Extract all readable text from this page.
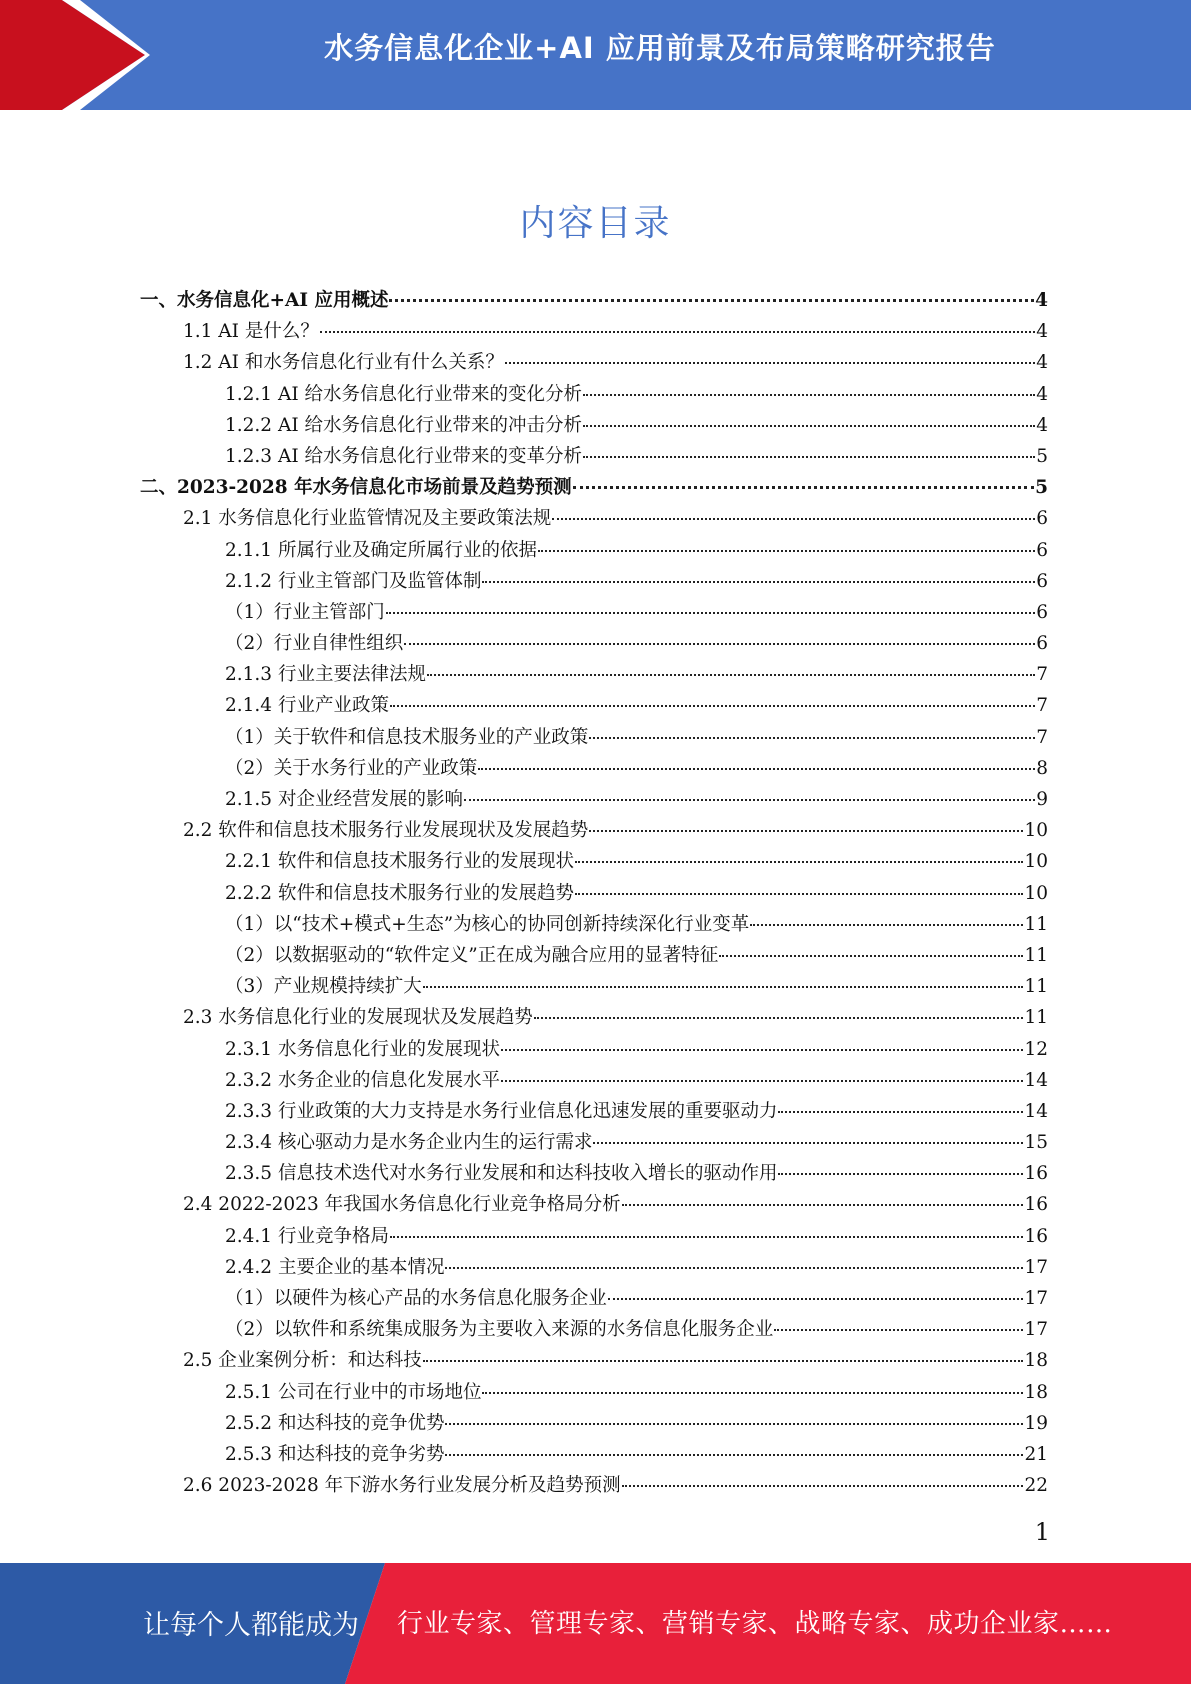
水务信息化企业+AI 应用前景及布局策略研究报告
内容目录
一、水务信息化+AI 应用概述	4
1.1 AI 是什么？	4
1.2 AI 和水务信息化行业有什么关系？	4
1.2.1 AI 给水务信息化行业带来的变化分析	4
1.2.2 AI 给水务信息化行业带来的冲击分析	4
1.2.3 AI 给水务信息化行业带来的变革分析	5
二、2023-2028 年水务信息化市场前景及趋势预测	5
2.1 水务信息化行业监管情况及主要政策法规	6
2.1.1 所属行业及确定所属行业的依据	6
2.1.2 行业主管部门及监管体制	6
（1）行业主管部门	6
（2）行业自律性组织	6
2.1.3 行业主要法律法规	7
2.1.4 行业产业政策	7
（1）关于软件和信息技术服务业的产业政策	7
（2）关于水务行业的产业政策	8
2.1.5 对企业经营发展的影响	9
2.2 软件和信息技术服务行业发展现状及发展趋势	10
2.2.1 软件和信息技术服务行业的发展现状	10
2.2.2 软件和信息技术服务行业的发展趋势	10
（1）以“技术+模式+生态”为核心的协同创新持续深化行业变革	11
（2）以数据驱动的“软件定义”正在成为融合应用的显著特征	11
（3）产业规模持续扩大	11
2.3 水务信息化行业的发展现状及发展趋势	11
2.3.1 水务信息化行业的发展现状	12
2.3.2 水务企业的信息化发展水平	14
2.3.3 行业政策的大力支持是水务行业信息化迅速发展的重要驱动力	14
2.3.4 核心驱动力是水务企业内生的运行需求	15
2.3.5 信息技术迭代对水务行业发展和和达科技收入增长的驱动作用	16
2.4 2022-2023 年我国水务信息化行业竞争格局分析	16
2.4.1 行业竞争格局	16
2.4.2 主要企业的基本情况	17
（1）以硬件为核心产品的水务信息化服务企业	17
（2）以软件和系统集成服务为主要收入来源的水务信息化服务企业	17
2.5 企业案例分析：和达科技	18
2.5.1 公司在行业中的市场地位	18
2.5.2 和达科技的竞争优势	19
2.5.3 和达科技的竞争劣势	21
2.6 2023-2028 年下游水务行业发展分析及趋势预测	22
1
让每个人都能成为 行业专家、管理专家、营销专家、战略专家、成功企业家……
